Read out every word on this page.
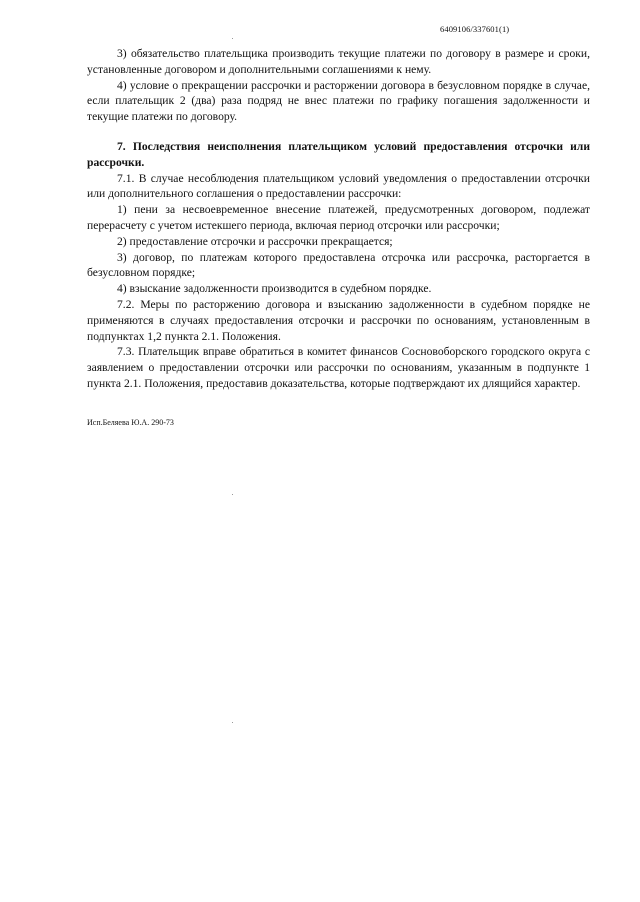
6409106/337601(1)

3) обязательство плательщика производить текущие платежи по договору в размере и сроки, установленные договором и дополнительными соглашениями к нему.

4) условие о прекращении рассрочки и расторжении договора в безусловном порядке в случае, если плательщик 2 (два) раза подряд не внес платежи по графику погашения задолженности и текущие платежи по договору.

7. Последствия неисполнения плательщиком условий предоставления отсрочки или рассрочки.

7.1. В случае несоблюдения плательщиком условий уведомления о предоставлении отсрочки или дополнительного соглашения о предоставлении рассрочки:

1) пени за несвоевременное внесение платежей, предусмотренных договором, подлежат перерасчету с учетом истекшего периода, включая период отсрочки или рассрочки;

2) предоставление отсрочки и рассрочки прекращается;

3) договор, по платежам которого предоставлена отсрочка или рассрочка, расторгается в безусловном порядке;

4) взыскание задолженности производится в судебном порядке.

7.2. Меры по расторжению договора и взысканию задолженности в судебном порядке не применяются в случаях предоставления отсрочки и рассрочки по основаниям, установленным в подпунктах 1,2 пункта 2.1. Положения.

7.3. Плательщик вправе обратиться в комитет финансов Сосновоборского городского округа с заявлением о предоставлении отсрочки или рассрочки по основаниям, указанным в подпункте 1 пункта 2.1. Положения, предоставив доказательства, которые подтверждают их длящийся характер.

Исп.Беляева Ю.А. 290-73
